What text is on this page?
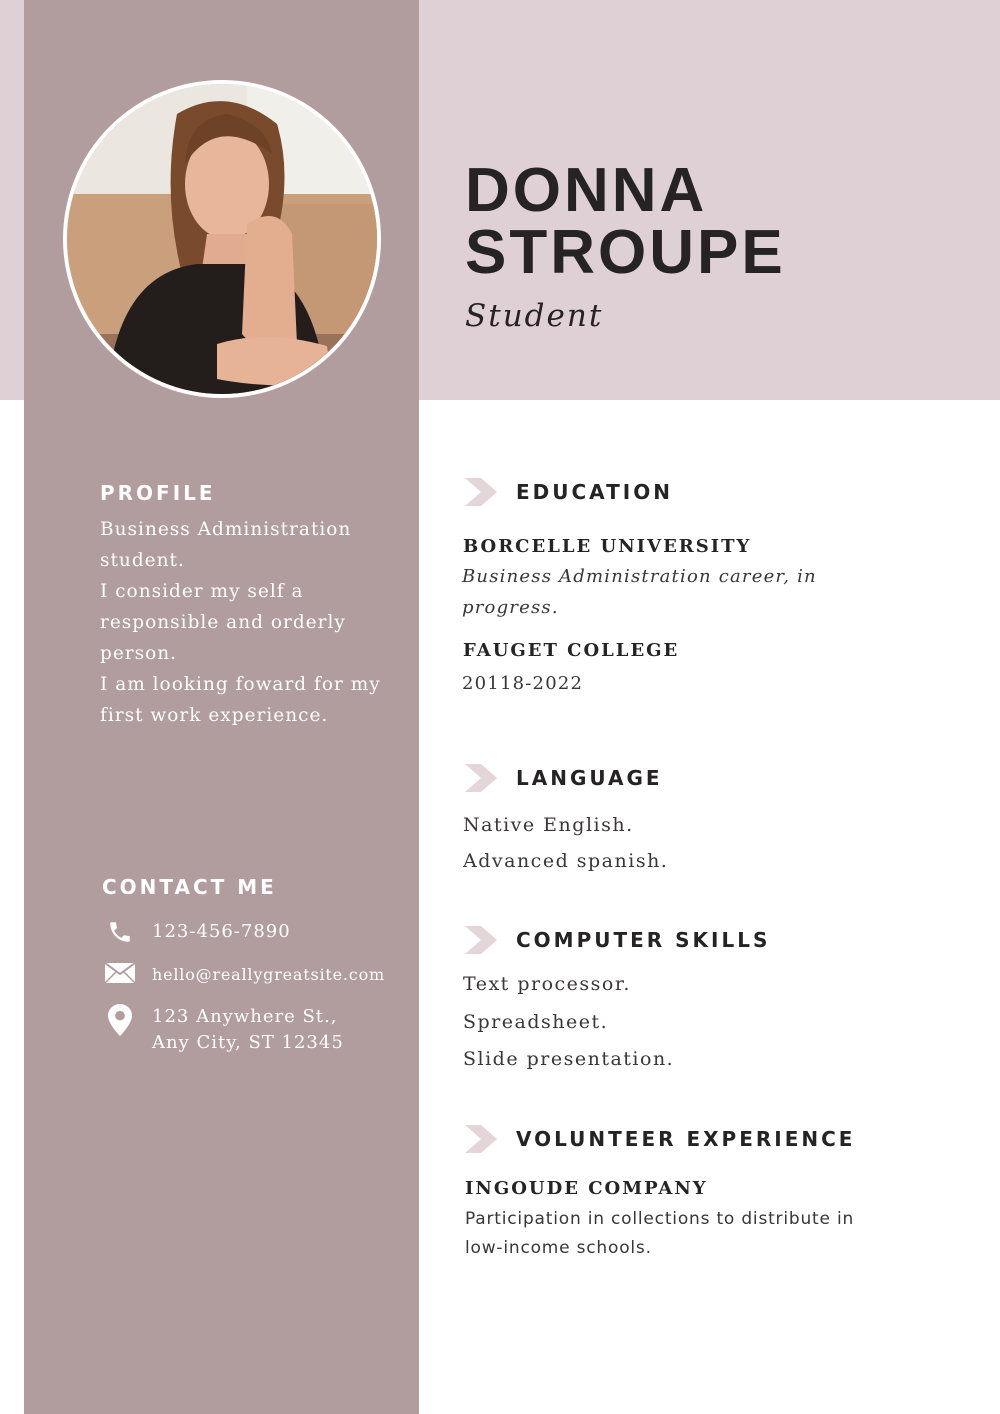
DONNA
STROUPE
Student
PROFILE

Business Administration student.
I consider my self a responsible and orderly person.
I am looking foward for my first work experience.

CONTACT ME
123-456-7890
hello@reallygreatsite.com
123 Anywhere St.,
Any City, ST 12345
EDUCATION
BORCELLE UNIVERSITY

Business Administration career, in progress.

FAUGET COLLEGE

20118-2022

LANGUAGE
Native English.
Advanced spanish.
COMPUTER SKILLS
Text processor.
Spreadsheet.
Slide presentation.
VOLUNTEER EXPERIENCE
INGOUDE COMPANY

Participation in collections to distribute in low-income schools.
